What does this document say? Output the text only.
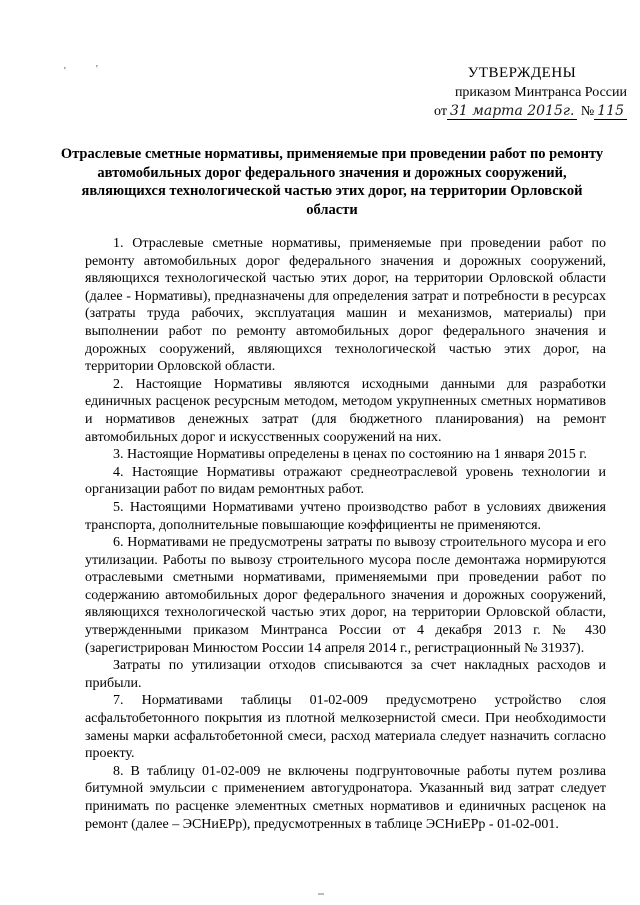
'	'	УТВЕРЖДЕНЫ
приказом Минтранса России
от 31 марта 2015г. № 115
Отраслевые сметные нормативы, применяемые при проведении работ по ремонту автомобильных дорог федерального значения и дорожных сооружений, являющихся технологической частью этих дорог, на территории Орловской области

1. Отраслевые сметные нормативы, применяемые при проведении работ по ремонту автомобильных дорог федерального значения и дорожных сооружений, являющихся технологической частью этих дорог, на территории Орловской области (далее - Нормативы), предназначены для определения затрат и потребности в ресурсах (затраты труда рабочих, эксплуатация машин и механизмов, материалы) при выполнении работ по ремонту автомобильных дорог федерального значения и дорожных сооружений, являющихся технологической частью этих дорог, на территории Орловской области.

2. Настоящие Нормативы являются исходными данными для разработки единичных расценок ресурсным методом, методом укрупненных сметных нормативов и нормативов денежных затрат (для бюджетного планирования) на ремонт автомобильных дорог и искусственных сооружений на них.

3. Настоящие Нормативы определены в ценах по состоянию на 1 января 2015 г.

4. Настоящие Нормативы отражают среднеотраслевой уровень технологии и организации работ по видам ремонтных работ.

5. Настоящими Нормативами учтено производство работ в условиях движения транспорта, дополнительные повышающие коэффициенты не применяются.

6. Нормативами не предусмотрены затраты по вывозу строительного мусора и его утилизации. Работы по вывозу строительного мусора после демонтажа нормируются отраслевыми сметными нормативами, применяемыми при проведении работ по содержанию автомобильных дорог федерального значения и дорожных сооружений, являющихся технологической частью этих дорог, на территории Орловской области, утвержденными приказом Минтранса России от 4 декабря 2013 г. № 430 (зарегистрирован Минюстом России 14 апреля 2014 г., регистрационный № 31937).

Затраты по утилизации отходов списываются за счет накладных расходов и прибыли.

7. Нормативами таблицы 01-02-009 предусмотрено устройство слоя асфальтобетонного покрытия из плотной мелкозернистой смеси. При необходимости замены марки асфальтобетонной смеси, расход материала следует назначить согласно проекту.

8. В таблицу 01-02-009 не включены подгрунтовочные работы путем розлива битумной эмульсии с применением автогудронатора. Указанный вид затрат следует принимать по расценке элементных сметных нормативов и единичных расценок на ремонт (далее – ЭСНиЕРр), предусмотренных в таблице ЭСНиЕРр - 01-02-001.
